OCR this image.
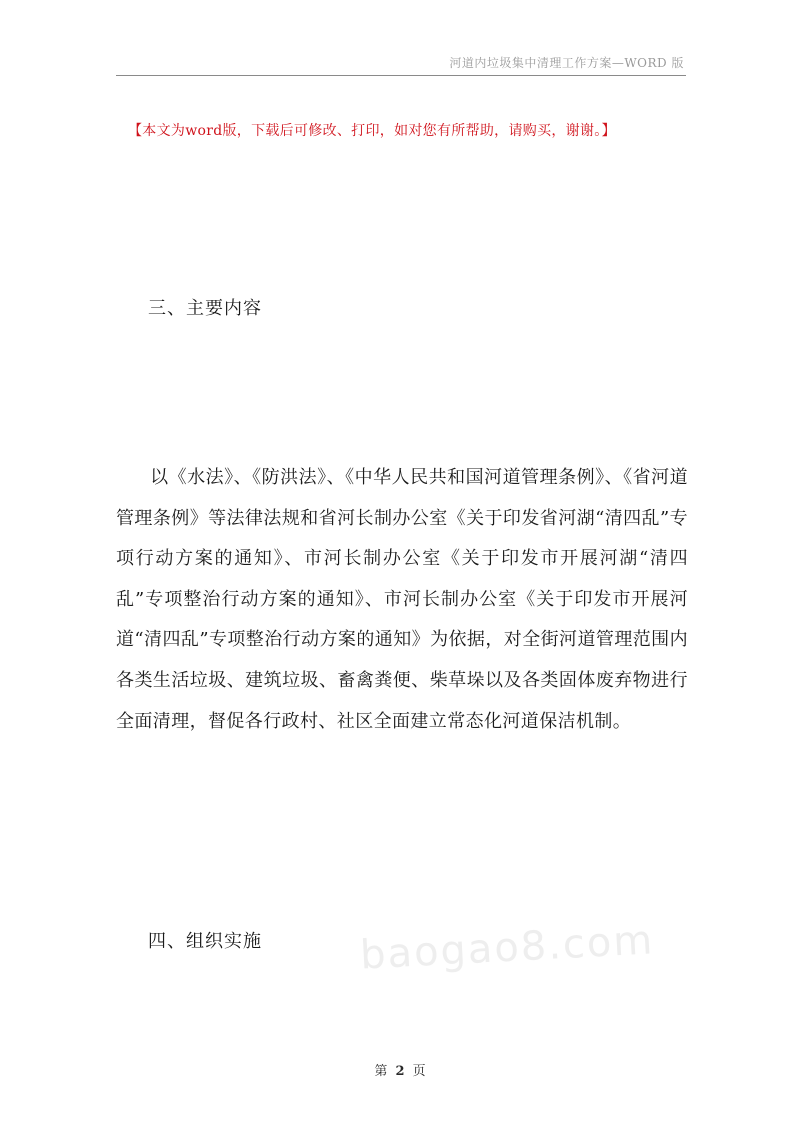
河道内垃圾集中清理工作方案—WORD 版
【本文为word版，下载后可修改、打印，如对您有所帮助，请购买，谢谢。】
三、主要内容
以《水法》、《防洪法》、《中华人民共和国河道管理条例》、《省河道管理条例》等法律法规和省河长制办公室《关于印发省河湖“清四乱”专项行动方案的通知》、市河长制办公室《关于印发市开展河湖“清四乱”专项整治行动方案的通知》、市河长制办公室《关于印发市开展河道“清四乱”专项整治行动方案的通知》为依据，对全街河道管理范围内各类生活垃圾、建筑垃圾、畜禽粪便、柴草垛以及各类固体废弃物进行全面清理，督促各行政村、社区全面建立常态化河道保洁机制。
baogao8.com
四、组织实施
第 2 页
